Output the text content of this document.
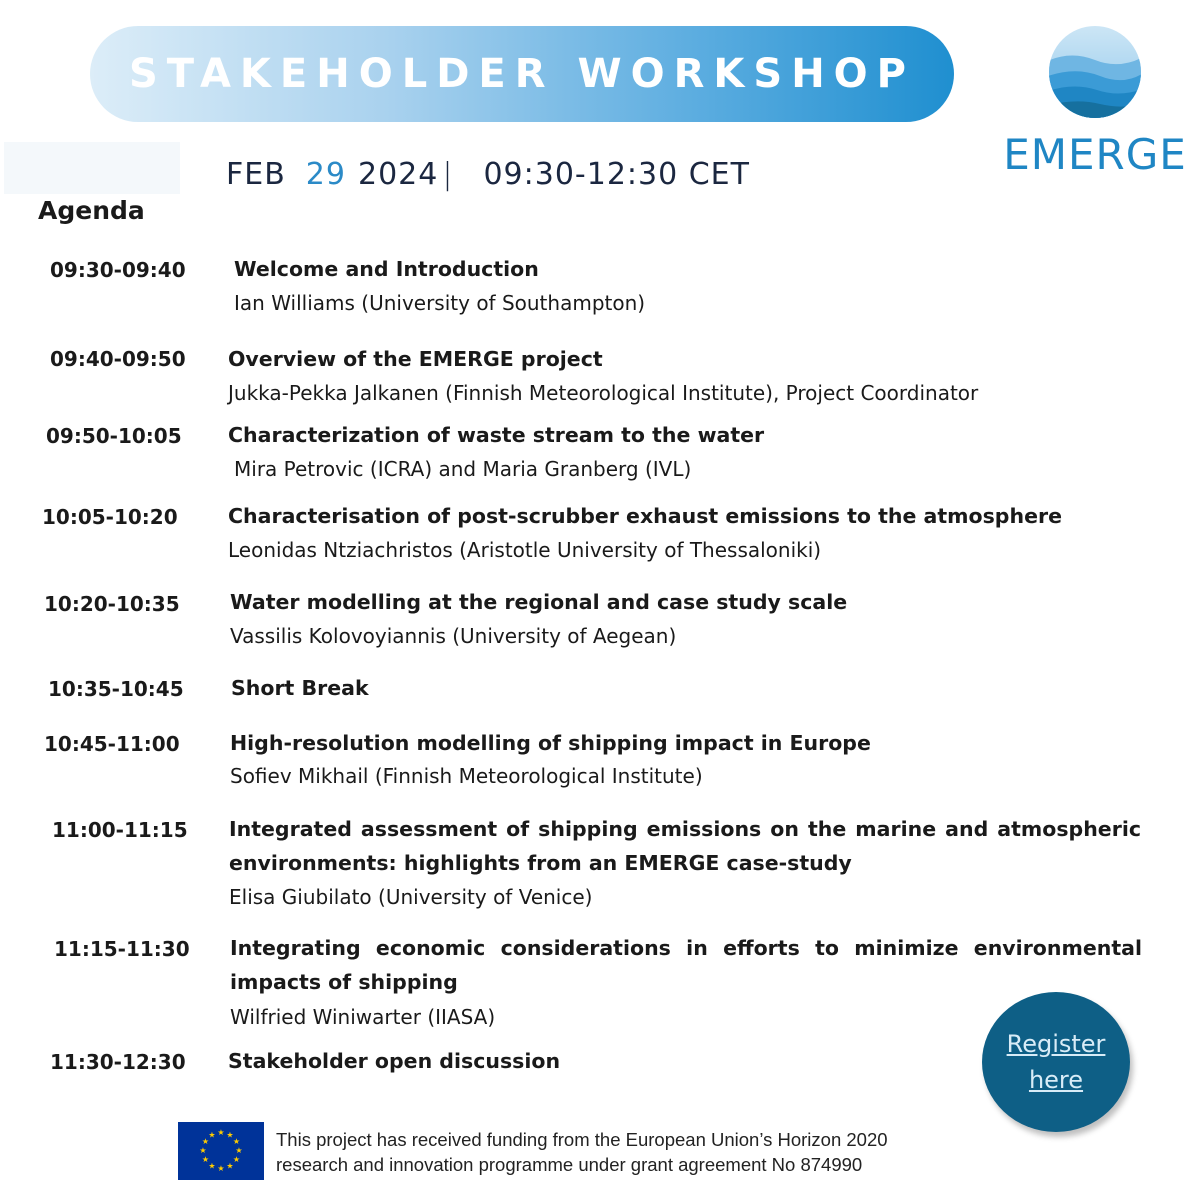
STAKEHOLDER WORKSHOP
EMERGE
FEB 29 2024 | 09:30-12:30 CET
Agenda
09:30-09:40 Welcome and Introduction
Ian Williams (University of Southampton)
09:40-09:50 Overview of the EMERGE project
Jukka-Pekka Jalkanen (Finnish Meteorological Institute), Project Coordinator
09:50-10:05 Characterization of waste stream to the water
Mira Petrovic (ICRA) and Maria Granberg (IVL)
10:05-10:20 Characterisation of post-scrubber exhaust emissions to the atmosphere
Leonidas Ntziachristos (Aristotle University of Thessaloniki)
10:20-10:35 Water modelling at the regional and case study scale
Vassilis Kolovoyiannis (University of Aegean)
10:35-10:45 Short Break
10:45-11:00 High-resolution modelling of shipping impact in Europe
Sofiev Mikhail (Finnish Meteorological Institute)
11:00-11:15 Integrated assessment of shipping emissions on the marine and atmospheric environments: highlights from an EMERGE case-study
Elisa Giubilato (University of Venice)
11:15-11:30 Integrating economic considerations in efforts to minimize environmental impacts of shipping
Wilfried Winiwarter (IIASA)
11:30-12:30 Stakeholder open discussion
Register
here
★ ★
★
★
★
★
★
★
★
★
★
★	This project has received funding from the European Union’s Horizon 2020
research and innovation programme under grant agreement No 874990
